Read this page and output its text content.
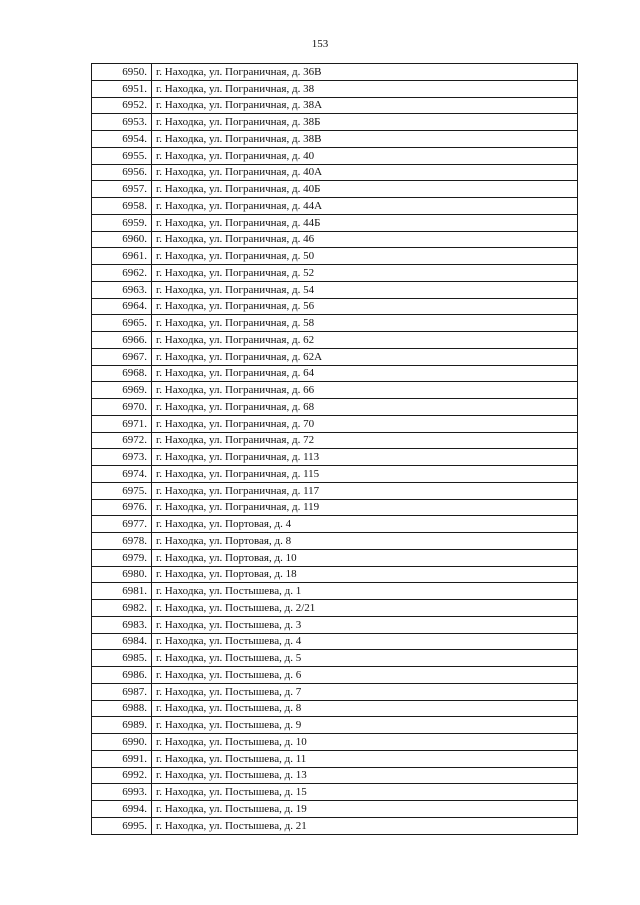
153
6950.	г. Находка, ул. Пограничная, д. 36В
6951.	г. Находка, ул. Пограничная, д. 38
6952.	г. Находка, ул. Пограничная, д. 38А
6953.	г. Находка, ул. Пограничная, д. 38Б
6954.	г. Находка, ул. Пограничная, д. 38В
6955.	г. Находка, ул. Пограничная, д. 40
6956.	г. Находка, ул. Пограничная, д. 40А
6957.	г. Находка, ул. Пограничная, д. 40Б
6958.	г. Находка, ул. Пограничная, д. 44А
6959.	г. Находка, ул. Пограничная, д. 44Б
6960.	г. Находка, ул. Пограничная, д. 46
6961.	г. Находка, ул. Пограничная, д. 50
6962.	г. Находка, ул. Пограничная, д. 52
6963.	г. Находка, ул. Пограничная, д. 54
6964.	г. Находка, ул. Пограничная, д. 56
6965.	г. Находка, ул. Пограничная, д. 58
6966.	г. Находка, ул. Пограничная, д. 62
6967.	г. Находка, ул. Пограничная, д. 62А
6968.	г. Находка, ул. Пограничная, д. 64
6969.	г. Находка, ул. Пограничная, д. 66
6970.	г. Находка, ул. Пограничная, д. 68
6971.	г. Находка, ул. Пограничная, д. 70
6972.	г. Находка, ул. Пограничная, д. 72
6973.	г. Находка, ул. Пограничная, д. 113
6974.	г. Находка, ул. Пограничная, д. 115
6975.	г. Находка, ул. Пограничная, д. 117
6976.	г. Находка, ул. Пограничная, д. 119
6977.	г. Находка, ул. Портовая, д. 4
6978.	г. Находка, ул. Портовая, д. 8
6979.	г. Находка, ул. Портовая, д. 10
6980.	г. Находка, ул. Портовая, д. 18
6981.	г. Находка, ул. Постышева, д. 1
6982.	г. Находка, ул. Постышева, д. 2/21
6983.	г. Находка, ул. Постышева, д. 3
6984.	г. Находка, ул. Постышева, д. 4
6985.	г. Находка, ул. Постышева, д. 5
6986.	г. Находка, ул. Постышева, д. 6
6987.	г. Находка, ул. Постышева, д. 7
6988.	г. Находка, ул. Постышева, д. 8
6989.	г. Находка, ул. Постышева, д. 9
6990.	г. Находка, ул. Постышева, д. 10
6991.	г. Находка, ул. Постышева, д. 11
6992.	г. Находка, ул. Постышева, д. 13
6993.	г. Находка, ул. Постышева, д. 15
6994.	г. Находка, ул. Постышева, д. 19
6995.	г. Находка, ул. Постышева, д. 21
